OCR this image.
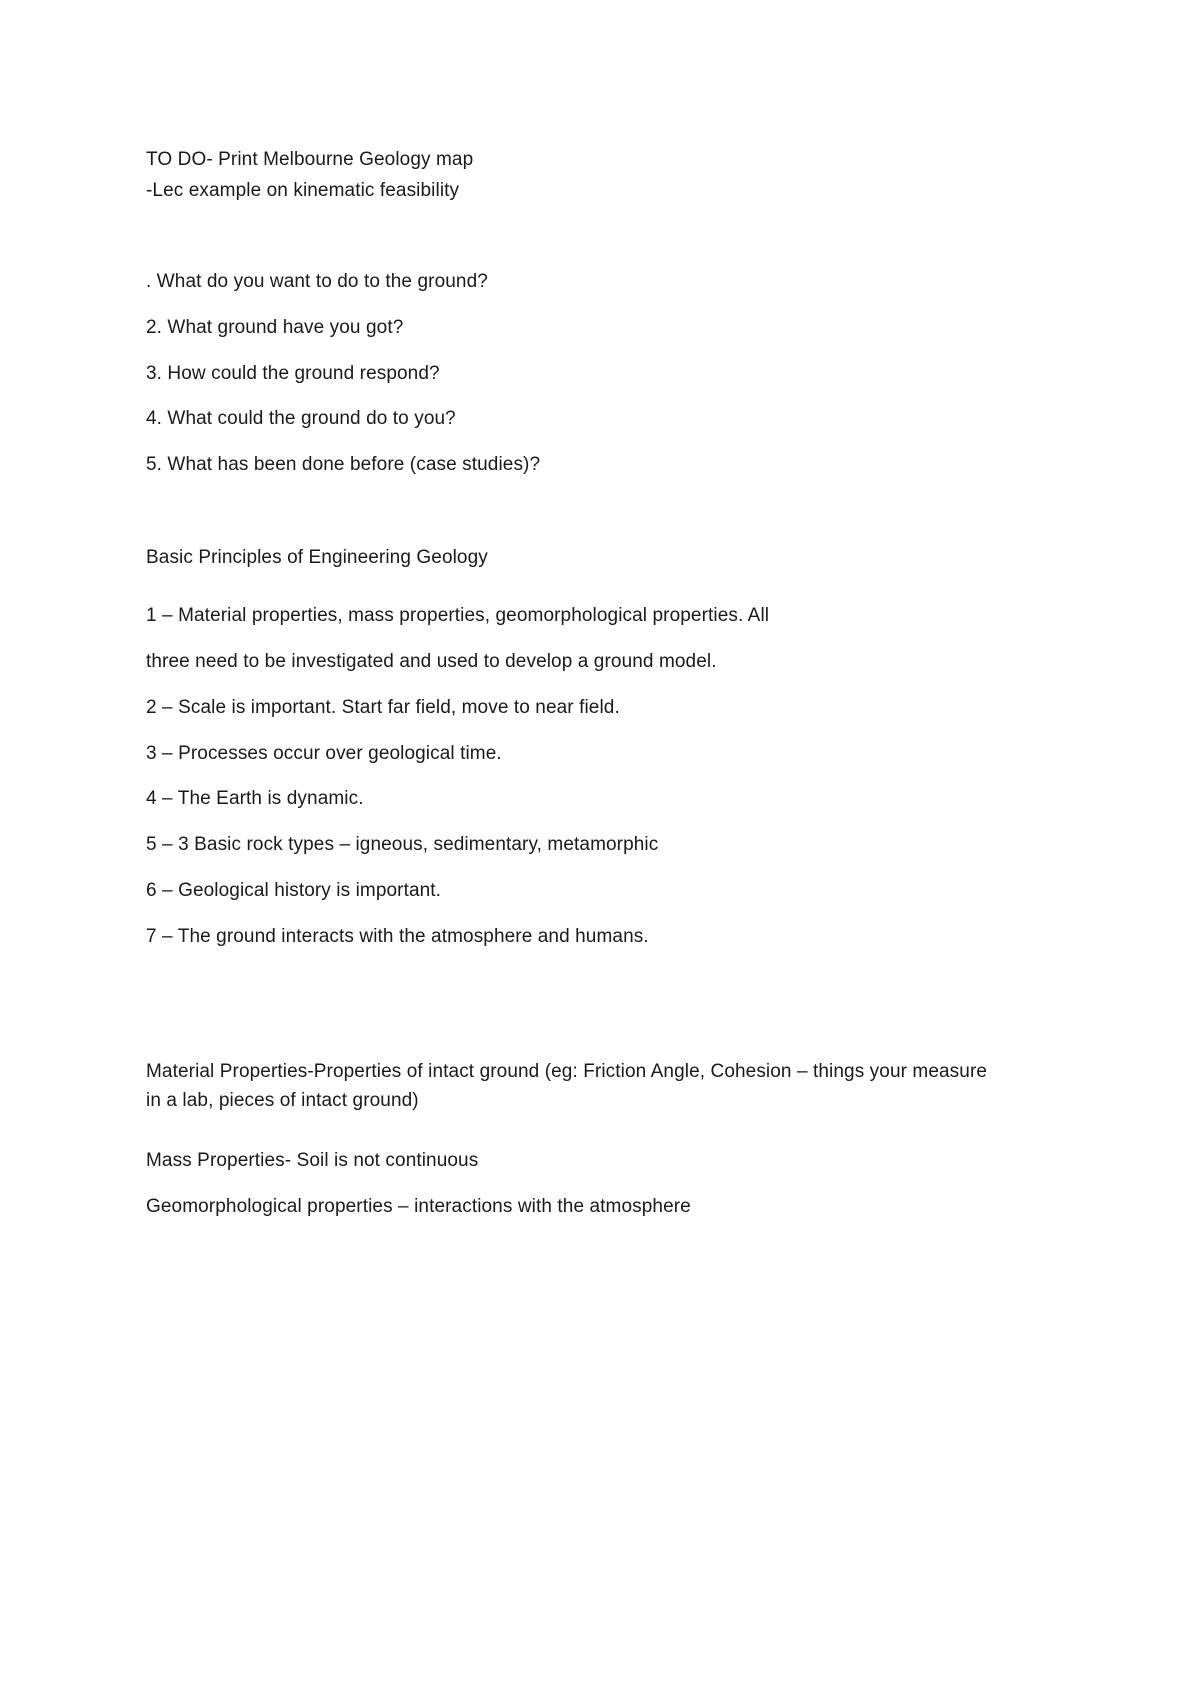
TO DO- Print Melbourne Geology map
-Lec example on kinematic feasibility
. What do you want to do to the ground?
2. What ground have you got?
3. How could the ground respond?
4. What could the ground do to you?
5. What has been done before (case studies)?
Basic Principles of Engineering Geology
1 – Material properties, mass properties, geomorphological properties. All
three need to be investigated and used to develop a ground model.
2 – Scale is important. Start far field, move to near field.
3 – Processes occur over geological time.
4 – The Earth is dynamic.
5 – 3 Basic rock types – igneous, sedimentary, metamorphic
6 – Geological history is important.
7 – The ground interacts with the atmosphere and humans.
Material Properties-Properties of intact ground (eg: Friction Angle, Cohesion – things your measure
in a lab, pieces of intact ground)
Mass Properties- Soil is not continuous
Geomorphological properties – interactions with the atmosphere
